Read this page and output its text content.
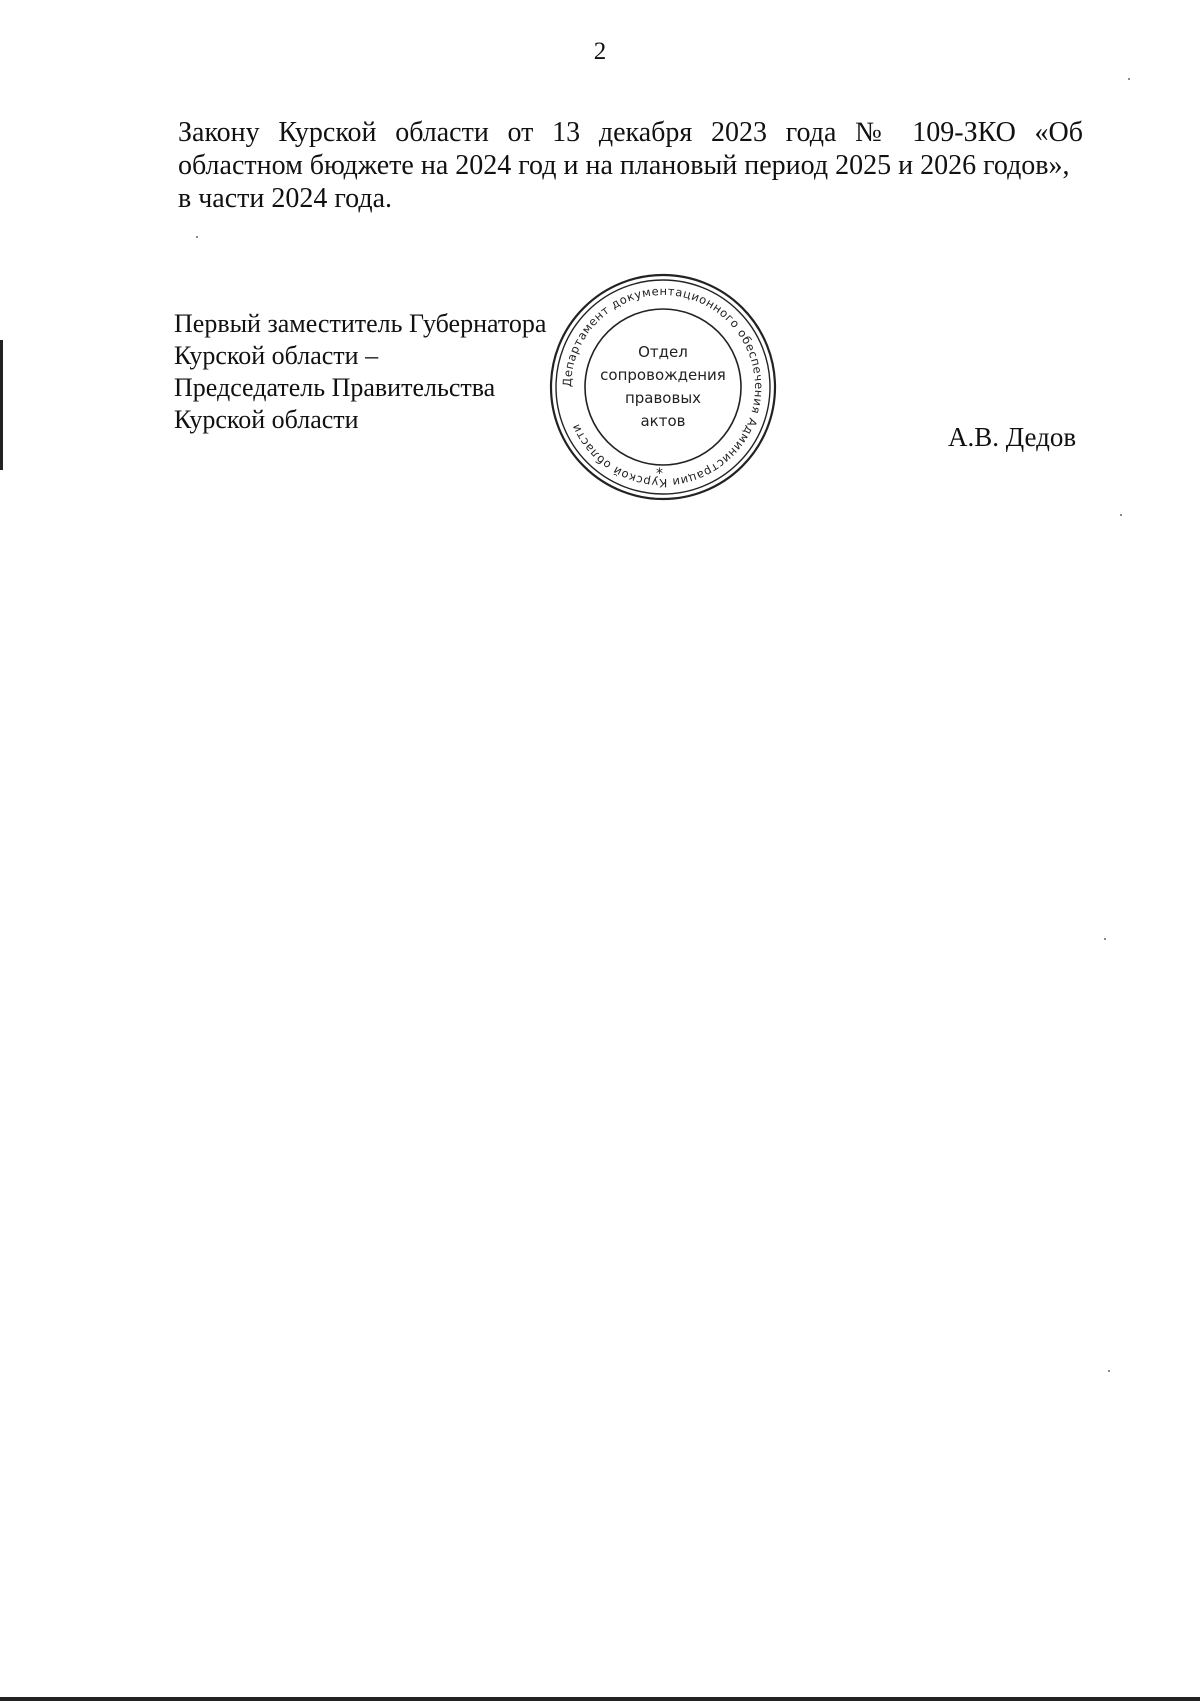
2
Закону Курской области от 13 декабря 2023 года № 109-ЗКО «Об
областном бюджете на 2024 год и на плановый период 2025 и 2026 годов»,
в части 2024 года.
Первый заместитель Губернатора
Курской области –
Председатель Правительства
Курской области
Департамент документационного обеспечения Администрации Курской области
*
Отдел
сопровождения
правовых
актов
А.В. Дедов
